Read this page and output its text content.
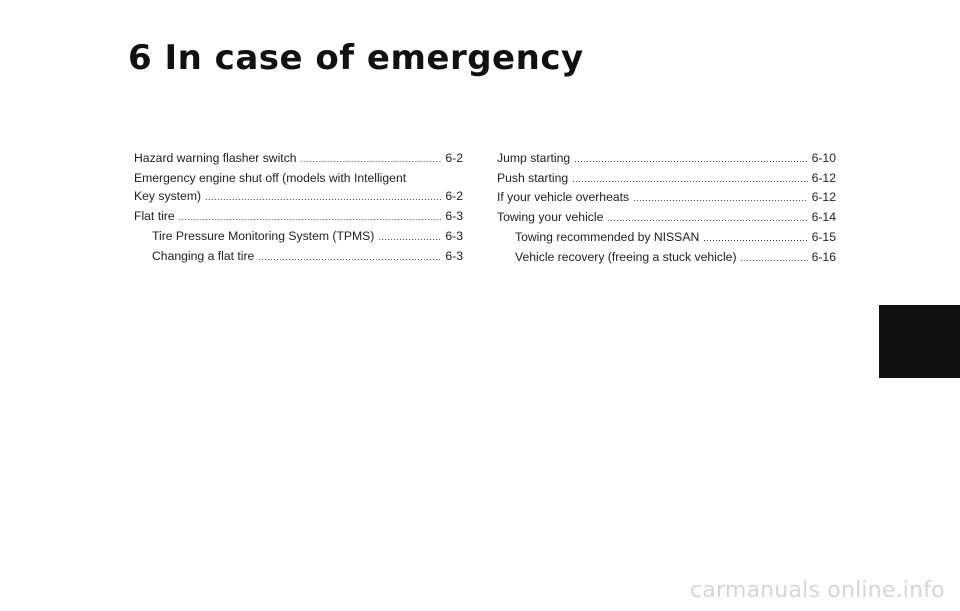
6 In case of emergency
Hazard warning flasher switch .....	6-2
Emergency engine shut off (models with Intelligent
Key system) .....	6-2
Flat tire .....	6-3
Tire Pressure Monitoring System (TPMS) .....	6-3
Changing a flat tire .....	6-3
Jump starting .....	6-10
Push starting .....	6-12
If your vehicle overheats .....	6-12
Towing your vehicle .....	6-14
Towing recommended by NISSAN .....	6-15
Vehicle recovery (freeing a stuck vehicle) .....	6-16
carmanuals online.info
